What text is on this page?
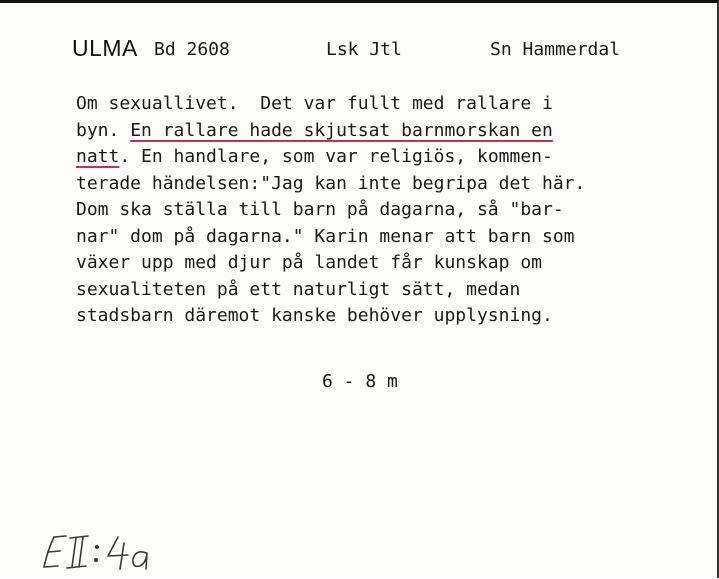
ULMA Bd 2608	Lsk Jtl	Sn Hammerdal
Om sexuallivet.  Det var fullt med rallare i
byn. En rallare hade skjutsat barnmorskan en
natt. En handlare, som var religiös, kommen-
terade händelsen:"Jag kan inte begripa det här.
Dom ska ställa till barn på dagarna, så "bar-
nar" dom på dagarna." Karin menar att barn som
växer upp med djur på landet får kunskap om
sexualiteten på ett naturligt sätt, medan
stadsbarn däremot kanske behöver upplysning.
6 - 8 m
